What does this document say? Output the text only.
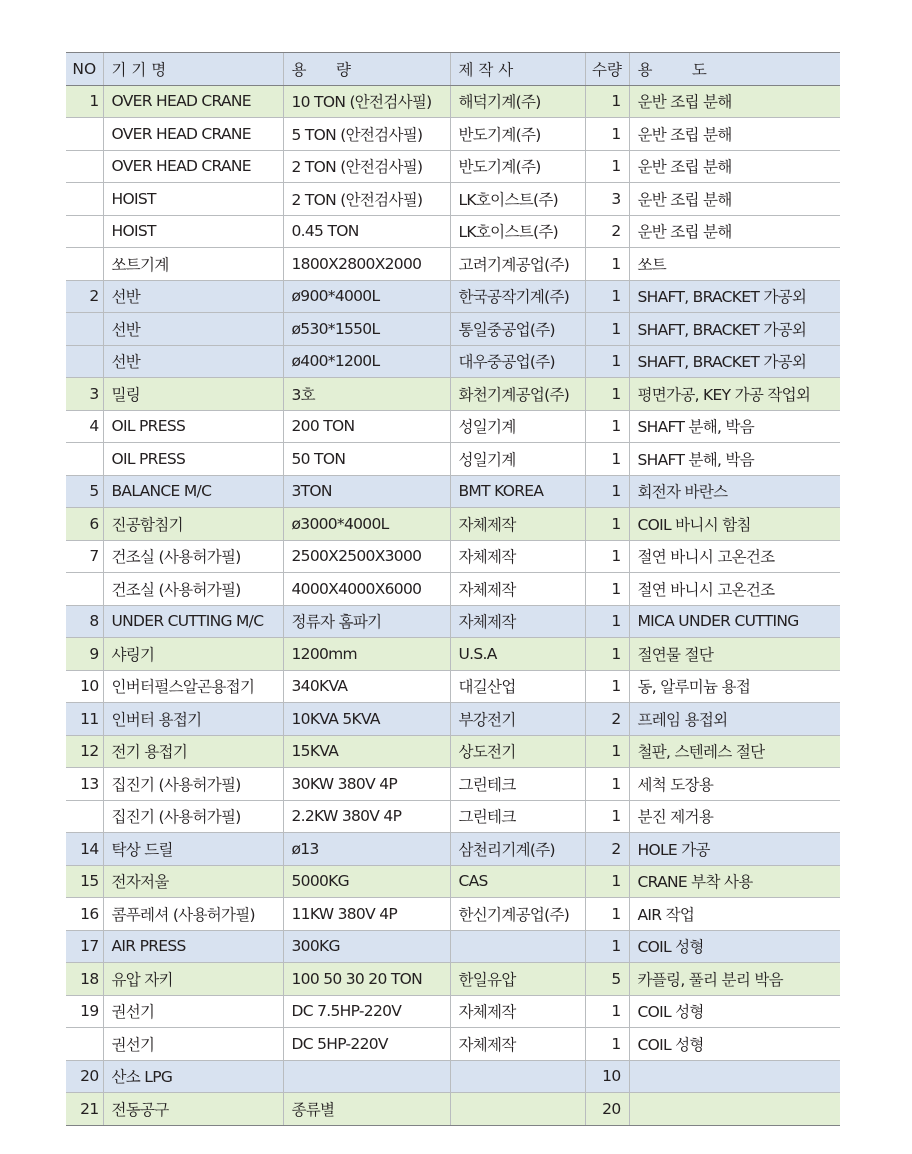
NO	기 기 명	용      량	제 작 사	수량	용        도
1	OVER HEAD CRANE	10 TON (안전검사필)	해덕기계(주)	1	운반 조립 분해
	OVER HEAD CRANE	5 TON (안전검사필)	반도기계(주)	1	운반 조립 분해
	OVER HEAD CRANE	2 TON (안전검사필)	반도기계(주)	1	운반 조립 분해
	HOIST	2 TON (안전검사필)	LK호이스트(주)	3	운반 조립 분해
	HOIST	0.45 TON	LK호이스트(주)	2	운반 조립 분해
	쏘트기계	1800X2800X2000	고려기계공업(주)	1	쏘트
2	선반	ø900*4000L	한국공작기계(주)	1	SHAFT, BRACKET 가공외
	선반	ø530*1550L	통일중공업(주)	1	SHAFT, BRACKET 가공외
	선반	ø400*1200L	대우중공업(주)	1	SHAFT, BRACKET 가공외
3	밀링	3호	화천기계공업(주)	1	평면가공, KEY 가공 작업외
4	OIL PRESS	200 TON	성일기계	1	SHAFT 분해, 박음
	OIL PRESS	50 TON	성일기계	1	SHAFT 분해, 박음
5	BALANCE M/C	3TON	BMT KOREA	1	회전자 바란스
6	진공함침기	ø3000*4000L	자체제작	1	COIL 바니시 함침
7	건조실 (사용허가필)	2500X2500X3000	자체제작	1	절연 바니시 고온건조
	건조실 (사용허가필)	4000X4000X6000	자체제작	1	절연 바니시 고온건조
8	UNDER CUTTING M/C	정류자 홈파기	자체제작	1	MICA UNDER CUTTING
9	샤링기	1200mm	U.S.A	1	절연물 절단
10	인버터펄스알곤용접기	340KVA	대길산업	1	동, 알루미늄 용접
11	인버터 용접기	10KVA 5KVA	부강전기	2	프레임 용접외
12	전기 용접기	15KVA	상도전기	1	철판, 스텐레스 절단
13	집진기 (사용허가필)	30KW 380V 4P	그린테크	1	세척 도장용
	집진기 (사용허가필)	2.2KW 380V 4P	그린테크	1	분진 제거용
14	탁상 드릴	ø13	삼천리기계(주)	2	HOLE 가공
15	전자저울	5000KG	CAS	1	CRANE 부착 사용
16	콤푸레셔 (사용허가필)	11KW 380V 4P	한신기계공업(주)	1	AIR 작업
17	AIR PRESS	300KG		1	COIL 성형
18	유압 자키	100 50 30 20 TON	한일유압	5	카플링, 풀리 분리 박음
19	권선기	DC 7.5HP-220V	자체제작	1	COIL 성형
	권선기	DC 5HP-220V	자체제작	1	COIL 성형
20	산소 LPG			10	
21	전동공구	종류별		20	
